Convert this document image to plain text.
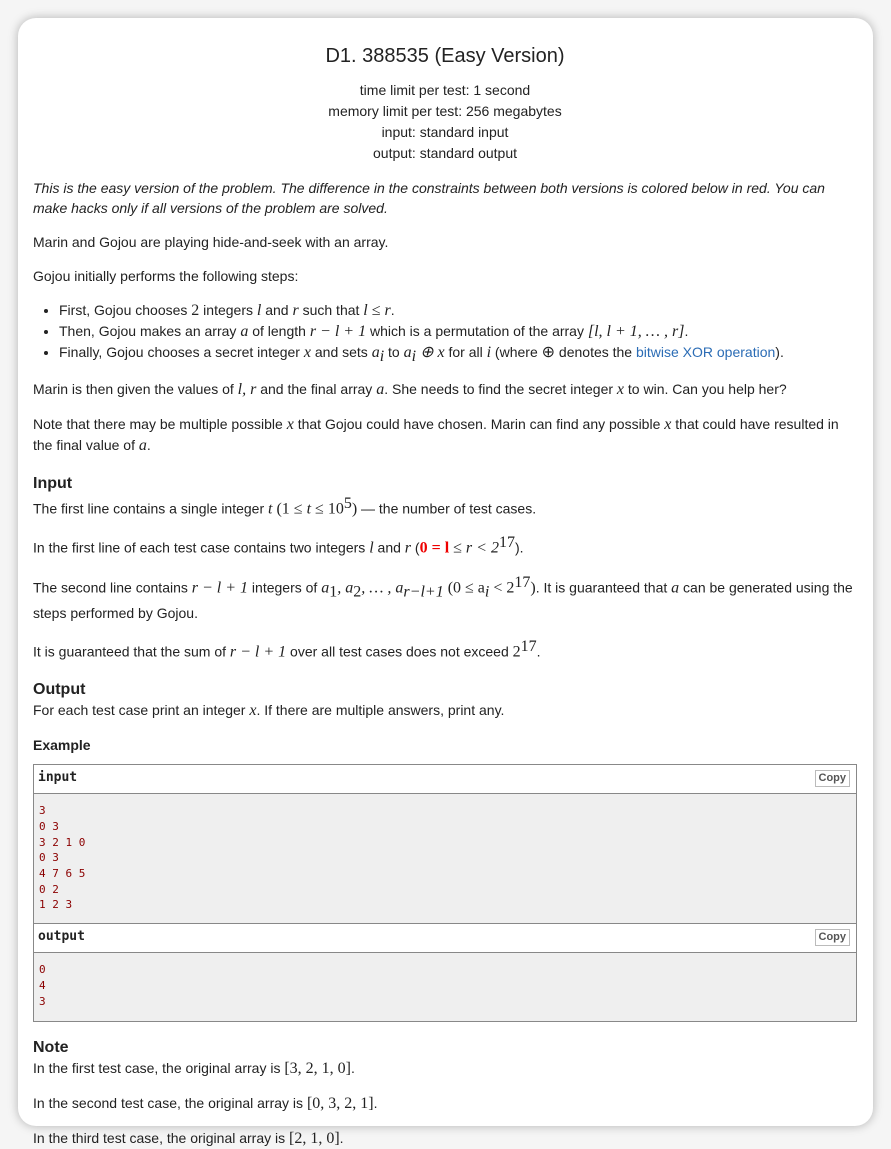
D1. 388535 (Easy Version)
time limit per test: 1 second
memory limit per test: 256 megabytes
input: standard input
output: standard output

This is the easy version of the problem. The difference in the constraints between both versions is colored below in red. You can make hacks only if all versions of the problem are solved.

Marin and Gojou are playing hide-and-seek with an array.

Gojou initially performs the following steps:

• First, Gojou chooses 2 integers l and r such that l ≤ r.
• Then, Gojou makes an array a of length r − l + 1 which is a permutation of the array [l, l + 1, … , r].
• Finally, Gojou chooses a secret integer x and sets $a_i$ to $a_i$ ⊕ x for all i (where ⊕ denotes the bitwise XOR operation).

Marin is then given the values of l, r and the final array a. She needs to find the secret integer x to win. Can you help her?

Note that there may be multiple possible x that Gojou could have chosen. Marin can find any possible x that could have resulted in the final value of a.

Input

The first line contains a single integer t $(1 \le t \le 10^5)$ — the number of test cases.

In the first line of each test case contains two integers l and r $(0 = l \le r < 2^{17})$.

The second line contains r − l + 1 integers of $a_1$, $a_2$, … , $a_{r-l+1}$ $(0 \le a_i < 2^{17})$. It is guaranteed that a can be generated using the steps performed by Gojou.

It is guaranteed that the sum of r − l + 1 over all test cases does not exceed $2^{17}$.

Output

For each test case print an integer x. If there are multiple answers, print any.

Example
input	Copy
3
0 3
3 2 1 0
0 3
4 7 6 5
0 2
1 2 3
output	Copy
0
4
3
Note

In the first test case, the original array is [3, 2, 1, 0].

In the second test case, the original array is [0, 3, 2, 1].

In the third test case, the original array is [2, 1, 0].
